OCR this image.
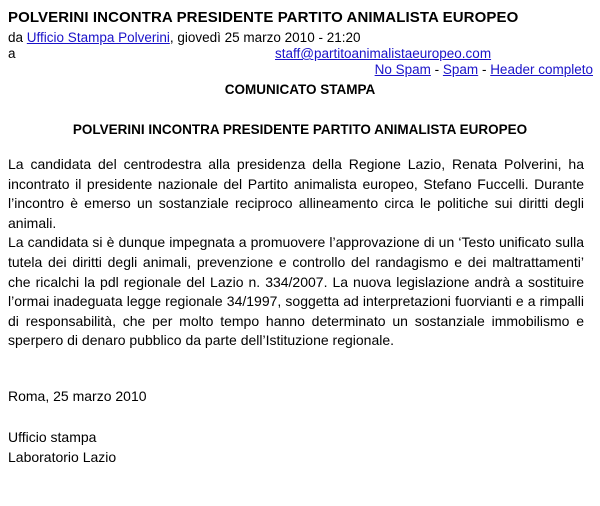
POLVERINI INCONTRA PRESIDENTE PARTITO ANIMALISTA EUROPEO
da Ufficio Stampa Polverini, giovedì 25 marzo 2010 - 21:20
a	staff@partitoanimalistaeuropeo.com
No Spam - Spam - Header completo
COMUNICATO STAMPA
POLVERINI INCONTRA PRESIDENTE PARTITO ANIMALISTA EUROPEO

La candidata del centrodestra alla presidenza della Regione Lazio, Renata Polverini, ha incontrato il presidente nazionale del Partito animalista europeo, Stefano Fuccelli. Durante l’incontro è emerso un sostanziale reciproco allineamento circa le politiche sui diritti degli animali.

La candidata si è dunque impegnata a promuovere l’approvazione di un ‘Testo unificato sulla tutela dei diritti degli animali, prevenzione e controllo del randagismo e dei maltrattamenti’ che ricalchi la pdl regionale del Lazio n. 334/2007. La nuova legislazione andrà a sostituire l’ormai inadeguata legge regionale 34/1997, soggetta ad interpretazioni fuorvianti e a rimpalli di responsabilità, che per molto tempo hanno determinato un sostanziale immobilismo e sperpero di denaro pubblico da parte dell’Istituzione regionale.

Roma, 25 marzo 2010
Ufficio stampa
Laboratorio Lazio
